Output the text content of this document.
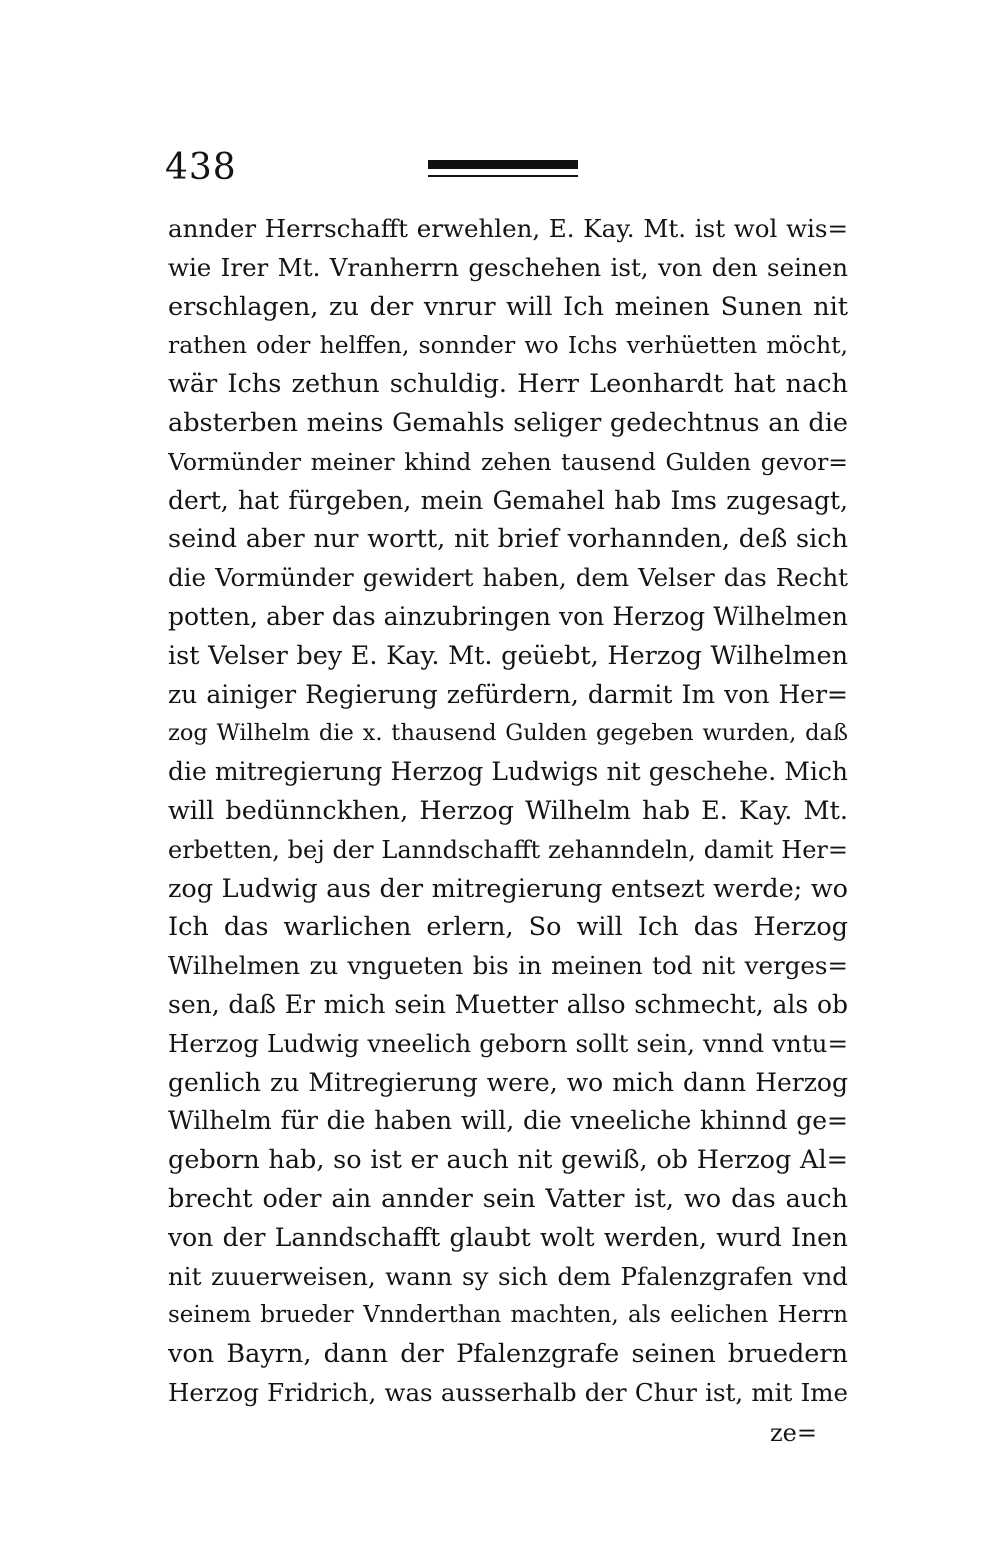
438
annder Herrschafft erwehlen, E. Kay. Mt. ist wol wis=
wie Irer Mt. Vranherrn geschehen ist, von den seinen
erschlagen, zu der vnrur will Ich meinen Sunen nit
rathen oder helffen, sonnder wo Ichs verhüetten möcht,
wär Ichs zethun schuldig. Herr Leonhardt hat nach
absterben meins Gemahls seliger gedechtnus an die
Vormünder meiner khind zehen tausend Gulden gevor=
dert, hat fürgeben, mein Gemahel hab Ims zugesagt,
seind aber nur wortt, nit brief vorhannden, deß sich
die Vormünder gewidert haben, dem Velser das Recht
potten, aber das ainzubringen von Herzog Wilhelmen
ist Velser bey E. Kay. Mt. geüebt, Herzog Wilhelmen
zu ainiger Regierung zefürdern, darmit Im von Her=
zog Wilhelm die x. thausend Gulden gegeben wurden, daß
die mitregierung Herzog Ludwigs nit geschehe. Mich
will bedünnckhen, Herzog Wilhelm hab E. Kay. Mt.
erbetten, bej der Lanndschafft zehanndeln, damit Her=
zog Ludwig aus der mitregierung entsezt werde; wo
Ich das warlichen erlern, So will Ich das Herzog
Wilhelmen zu vngueten bis in meinen tod nit verges=
sen, daß Er mich sein Muetter allso schmecht, als ob
Herzog Ludwig vneelich geborn sollt sein, vnnd vntu=
genlich zu Mitregierung were, wo mich dann Herzog
Wilhelm für die haben will, die vneeliche khinnd ge=
geborn hab, so ist er auch nit gewiß, ob Herzog Al=
brecht oder ain annder sein Vatter ist, wo das auch
von der Lanndschafft glaubt wolt werden, wurd Inen
nit zuuerweisen, wann sy sich dem Pfalenzgrafen vnd
seinem brueder Vnnderthan machten, als eelichen Herrn
von Bayrn, dann der Pfalenzgrafe seinen bruedern
Herzog Fridrich, was ausserhalb der Chur ist, mit Ime
ze=
